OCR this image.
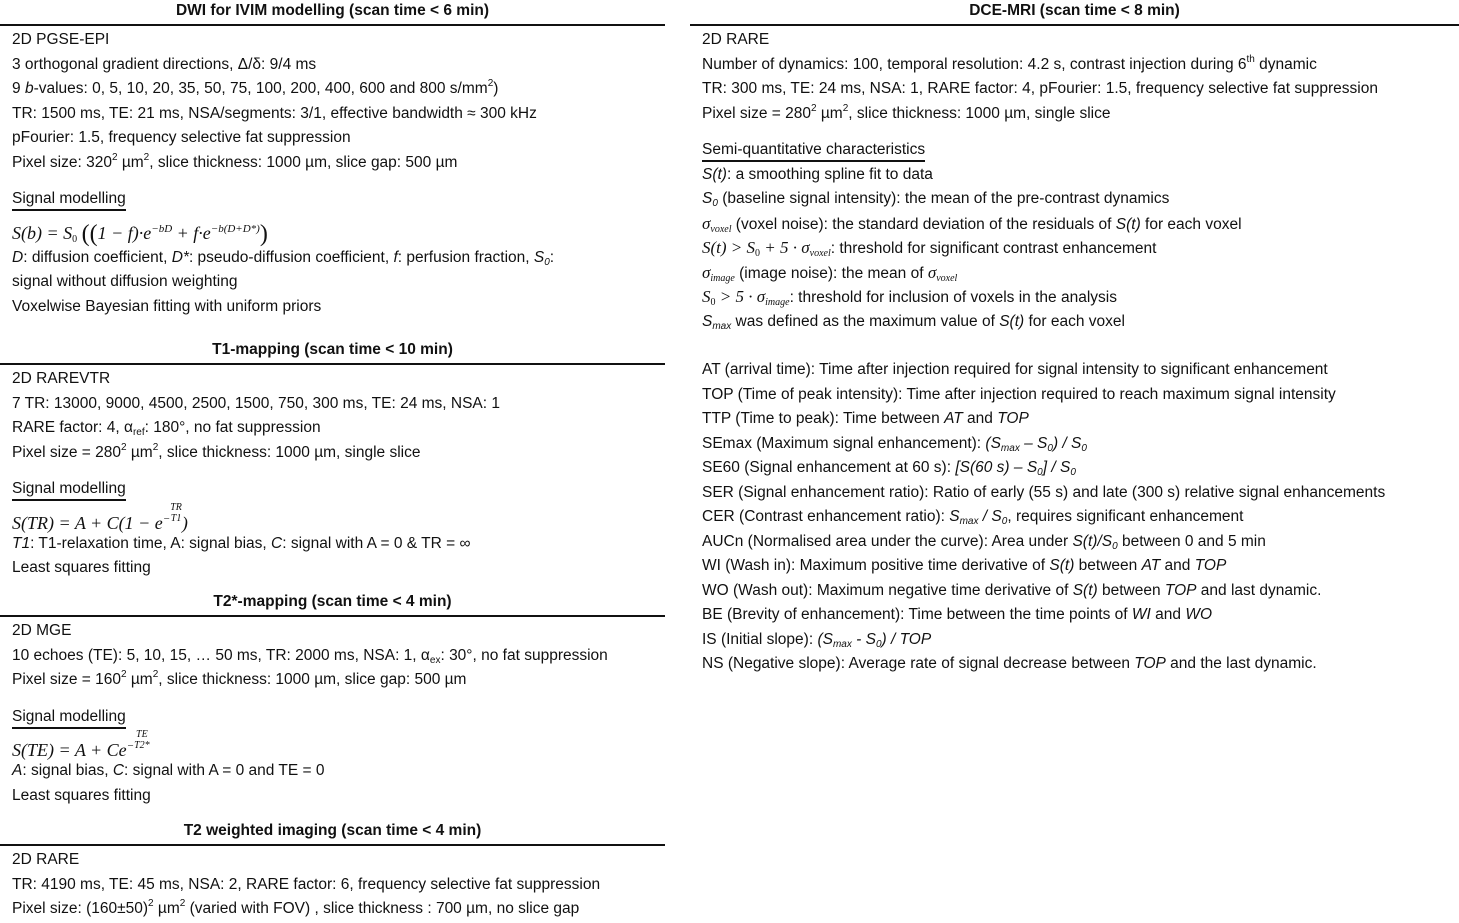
DWI for IVIM modelling (scan time < 6 min)
2D PGSE-EPI
3 orthogonal gradient directions, Δ/δ: 9/4 ms
9 b-values: 0, 5, 10, 20, 35, 50, 75, 100, 200, 400, 600 and 800 $s/mm^2$)
TR: 1500 ms, TE: 21 ms, NSA/segments: 3/1, effective bandwidth ≈ 300 kHz
pFourier: 1.5, frequency selective fat suppression
Pixel size: $320^2$ µm$^2$, slice thickness: 1000 µm, slice gap: 500 µm
Signal modelling
$S(b) = S_0$ $((1 - f)\cdot e^{-bD} + f\cdot e^{-b(D+D*)})$
D: diffusion coefficient, D*: pseudo-diffusion coefficient, f: perfusion fraction, $S_0$:
signal without diffusion weighting
Voxelwise Bayesian fitting with uniform priors
T1-mapping (scan time < 10 min)
2D RAREVTR
7 TR: 13000, 9000, 4500, 2500, 1500, 750, 300 ms, TE: 24 ms, NSA: 1
RARE factor: 4, $\alpha_{ref}$: 180°, no fat suppression
Pixel size = $280^2$ µm$^2$, slice thickness: 1000 µm, single slice
Signal modelling
S(TR) = A + C(1 − e−
TR
T1 )
T1: T1-relaxation time, A: signal bias, C: signal with A = 0 & TR = ∞
Least squares fitting
T2*-mapping (scan time < 4 min)
2D MGE
10 echoes (TE): 5, 10, 15, … 50 ms, TR: 2000 ms, NSA: 1, $\alpha_{ex}$: 30°, no fat suppression
Pixel size = $160^2$ µm$^2$, slice thickness: 1000 µm, slice gap: 500 µm
Signal modelling
S(TE) = A + Ce−
TE
T2*
A: signal bias, C: signal with A = 0 and TE = 0
Least squares fitting
T2 weighted imaging (scan time < 4 min)
2D RARE
TR: 4190 ms, TE: 45 ms, NSA: 2, RARE factor: 6, frequency selective fat suppression
Pixel size: $(160\pm 50)^2$ µm$^2$ (varied with FOV) , slice thickness : 700 µm, no slice gap
DCE-MRI (scan time < 8 min)
2D RARE
Number of dynamics: 100, temporal resolution: 4.2 s, contrast injection during 6th dynamic
TR: 300 ms, TE: 24 ms, NSA: 1, RARE factor: 4, pFourier: 1.5, frequency selective fat suppression
Pixel size = $280^2$ µm$^2$, slice thickness: 1000 µm, single slice
Semi-quantitative characteristics
S(t): a smoothing spline fit to data
$S_0$ (baseline signal intensity): the mean of the pre-contrast dynamics
$\sigma_{voxel}$ (voxel noise): the standard deviation of the residuals of S(t) for each voxel
$S(t) > S_0 + 5 \cdot \sigma_{voxel}$: threshold for significant contrast enhancement
$\sigma_{image}$ (image noise): the mean of $\sigma_{voxel}$
$S_0 > 5 \cdot \sigma_{image}$: threshold for inclusion of voxels in the analysis
$S_{max}$ was defined as the maximum value of S(t) for each voxel
AT (arrival time): Time after injection required for signal intensity to significant enhancement
TOP (Time of peak intensity): Time after injection required to reach maximum signal intensity
TTP (Time to peak): Time between AT and TOP
SEmax (Maximum signal enhancement): $(S_{max} - S_0) / S_0$
SE60 (Signal enhancement at 60 s): [S(60 $s) - S_0] / S_0$
SER (Signal enhancement ratio): Ratio of early (55 s) and late (300 s) relative signal enhancements
CER (Contrast enhancement ratio): $S_{max} / S_0$, requires significant enhancement
AUCn (Normalised area under the curve): Area under $S(t)/S_0$ between 0 and 5 min
WI (Wash in): Maximum positive time derivative of S(t) between AT and TOP
WO (Wash out): Maximum negative time derivative of S(t) between TOP and last dynamic.
BE (Brevity of enhancement): Time between the time points of WI and WO
IS (Initial slope): $(S_{max} - S_0)$ / TOP
NS (Negative slope): Average rate of signal decrease between TOP and the last dynamic.
